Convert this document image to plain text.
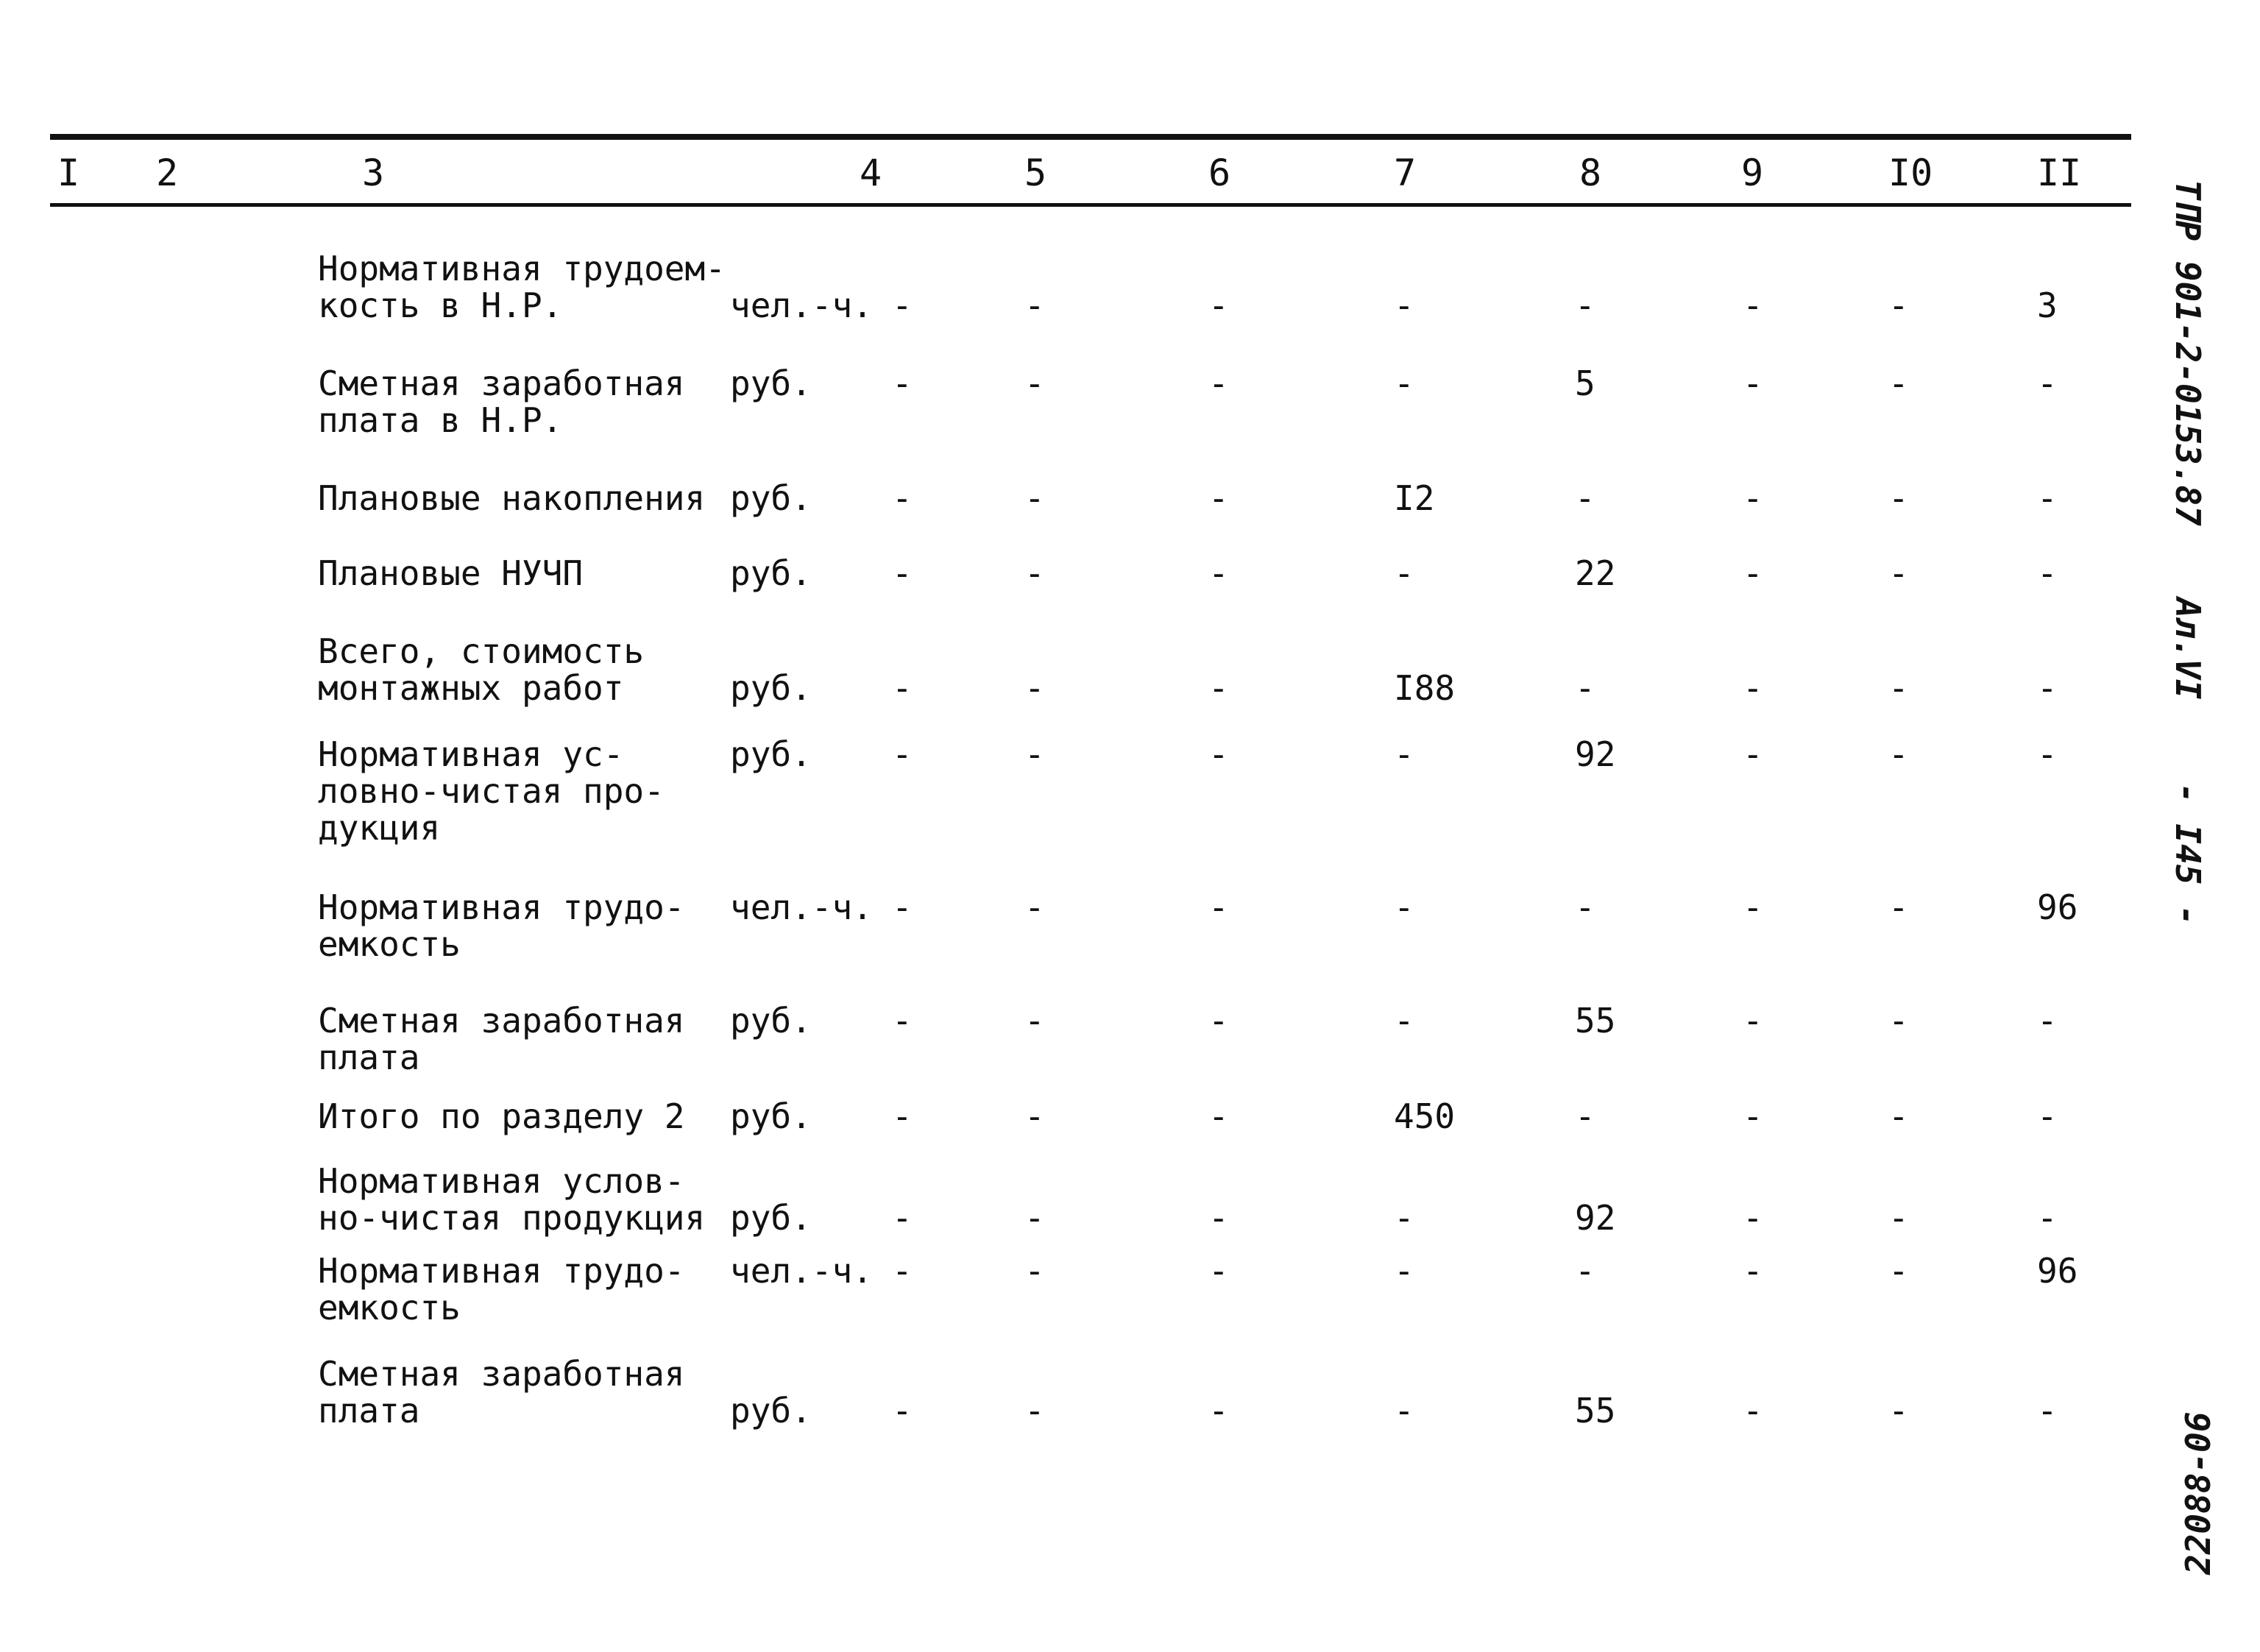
I 2	3	4	5	6	7	8	9	I0	II
Нормативная трудоем-
кость в Н.Р.	чел.-ч. -	-	-	-	-	-	-	3
Сметная заработная
плата в Н.Р.
руб. -	-	-	-	5	-	-	-
Плановые накопления руб. -	-	-	I2	-	-	-	-
Плановые НУЧП	руб. -	-	-	-	22	-	-	-
Всего, стоимость
монтажных работ	руб. -	-	-	I88	-	-	-	-
Нормативная ус-
ловно-чистая про-
дукция
руб. -	-	-	-	92	-	-	-
Нормативная трудо-
емкость
чел.-ч. -	-	-	-	-	-	-	96
Сметная заработная
плата
руб. -	-	-	-	55	-	-	-
Итого по разделу 2 руб. -	-	-	450	-	-	-	-
Нормативная услов-
но-чистая продукция руб. -	-	-	-	92	-	-	-
Нормативная трудо-
емкость
чел.-ч. -	-	-	-	-	-	-	96
Сметная заработная
плата	руб. -	-	-	-	55	-	-	-
ТПР 901-2-0153.87
Ал.VI
- I45 -
22088-06
